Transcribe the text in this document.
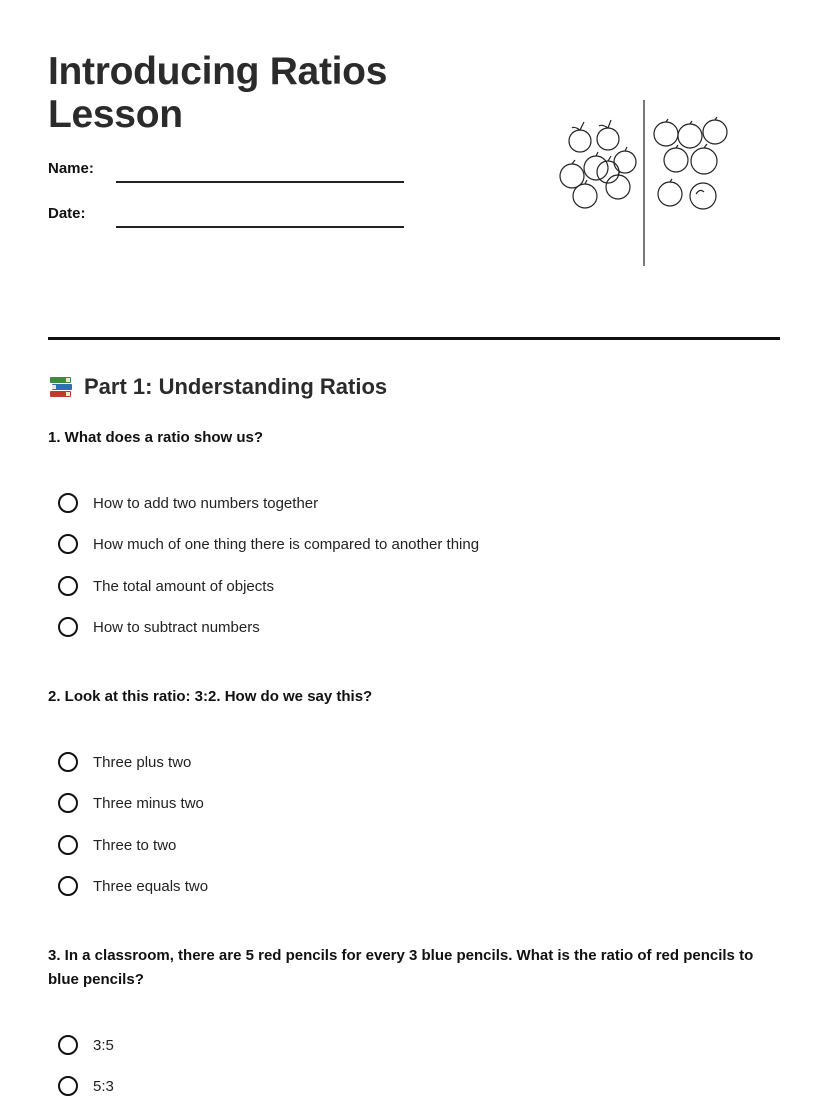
Introducing Ratios
Lesson
Name:
Date:
Part 1: Understanding Ratios

1. What does a ratio show us?

How to add two numbers together
How much of one thing there is compared to another thing
The total amount of objects
How to subtract numbers

2. Look at this ratio: 3:2. How do we say this?

Three plus two
Three minus two
Three to two
Three equals two

3. In a classroom, there are 5 red pencils for every 3 blue pencils. What is the ratio of red pencils to blue pencils?

3:5
5:3
